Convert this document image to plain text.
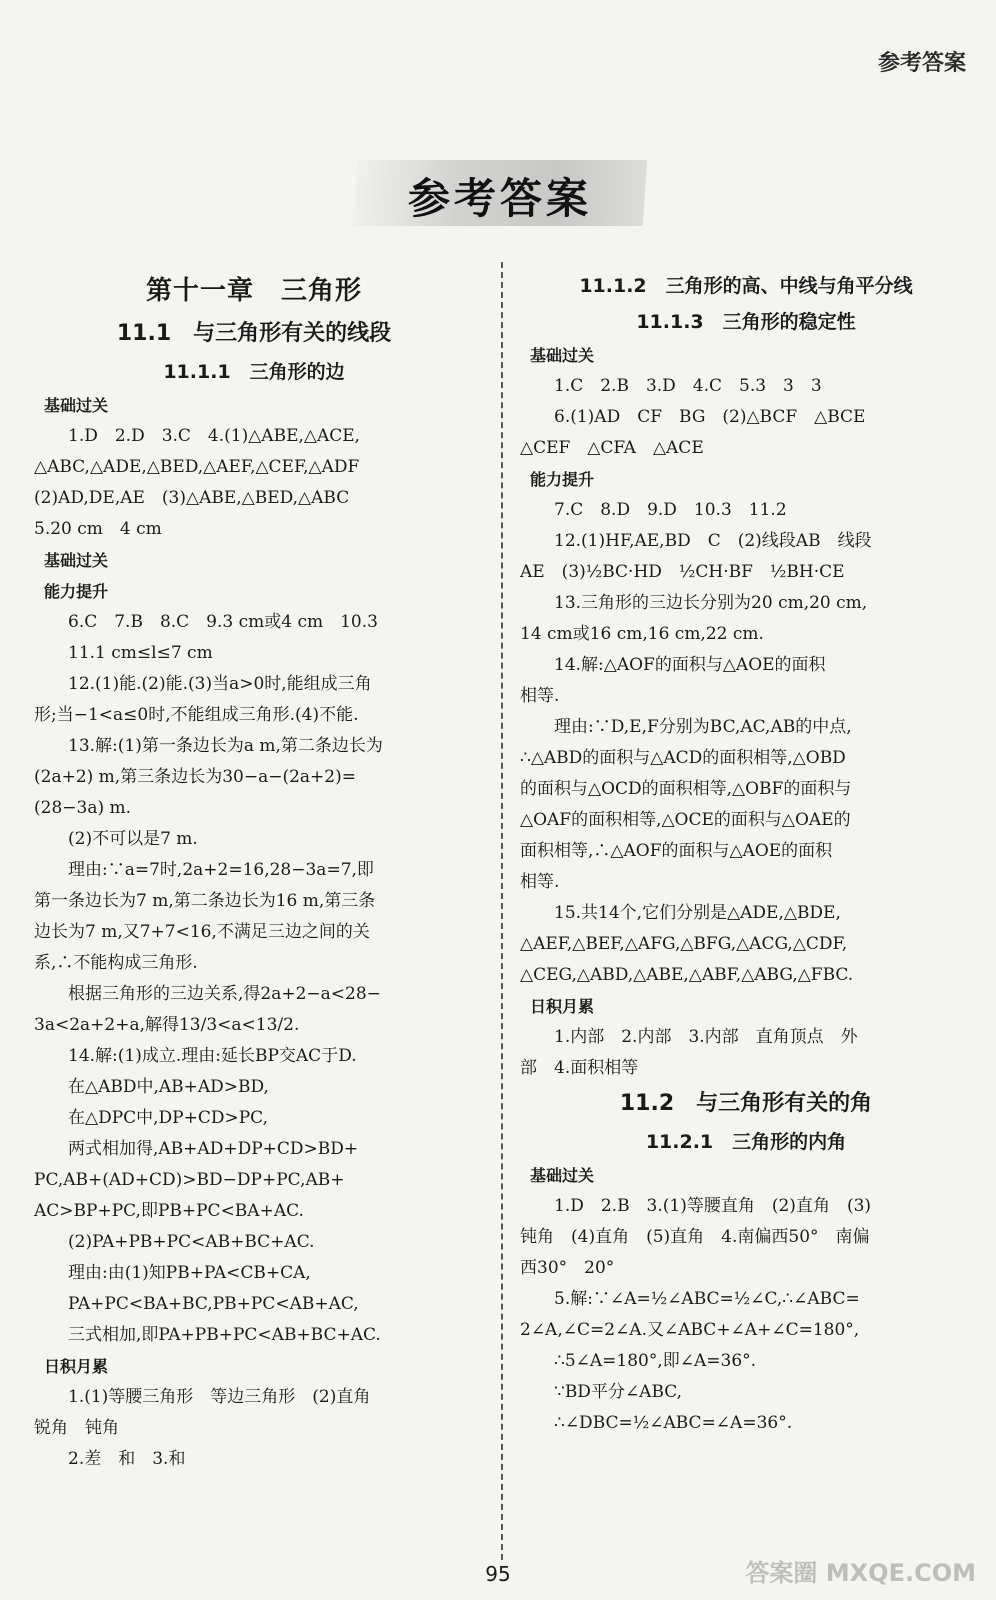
参考答案
参考答案
第十一章　三角形
11.1　与三角形有关的线段
11.1.1　三角形的边
基础过关
1.D　2.D　3.C　4.(1)△ABE,△ACE,
△ABC,△ADE,△BED,△AEF,△CEF,△ADF
(2)AD,DE,AE　(3)△ABE,△BED,△ABC
5.20 cm　4 cm
基础过关
能力提升
6.C　7.B　8.C　9.3 cm或4 cm　10.3
11.1 cm≤l≤7 cm
12.(1)能.(2)能.(3)当a>0时,能组成三角
形;当−1<a≤0时,不能组成三角形.(4)不能.
13.解:(1)第一条边长为a m,第二条边长为
(2a+2) m,第三条边长为30−a−(2a+2)=
(28−3a) m.
(2)不可以是7 m.
理由:∵a=7时,2a+2=16,28−3a=7,即
第一条边长为7 m,第二条边长为16 m,第三条
边长为7 m,又7+7<16,不满足三边之间的关
系,∴不能构成三角形.
根据三角形的三边关系,得2a+2−a<28−
3a<2a+2+a,解得13/3<a<13/2.
14.解:(1)成立.理由:延长BP交AC于D.
在△ABD中,AB+AD>BD,
在△DPC中,DP+CD>PC,
两式相加得,AB+AD+DP+CD>BD+
PC,AB+(AD+CD)>BD−DP+PC,AB+
AC>BP+PC,即PB+PC<BA+AC.
(2)PA+PB+PC<AB+BC+AC.
理由:由(1)知PB+PA<CB+CA,
PA+PC<BA+BC,PB+PC<AB+AC,
三式相加,即PA+PB+PC<AB+BC+AC.
日积月累
1.(1)等腰三角形　等边三角形　(2)直角
锐角　钝角
2.差　和　3.和
11.1.2　三角形的高、中线与角平分线
11.1.3　三角形的稳定性
基础过关
1.C　2.B　3.D　4.C　5.3　3　3
6.(1)AD　CF　BG　(2)△BCF　△BCE
△CEF　△CFA　△ACE
能力提升
7.C　8.D　9.D　10.3　11.2
12.(1)HF,AE,BD　C　(2)线段AB　线段
AE　(3)½BC·HD　½CH·BF　½BH·CE
13.三角形的三边长分别为20 cm,20 cm,
14 cm或16 cm,16 cm,22 cm.
14.解:△AOF的面积与△AOE的面积
相等.
理由:∵D,E,F分别为BC,AC,AB的中点,
∴△ABD的面积与△ACD的面积相等,△OBD
的面积与△OCD的面积相等,△OBF的面积与
△OAF的面积相等,△OCE的面积与△OAE的
面积相等,∴△AOF的面积与△AOE的面积
相等.
15.共14个,它们分别是△ADE,△BDE,
△AEF,△BEF,△AFG,△BFG,△ACG,△CDF,
△CEG,△ABD,△ABE,△ABF,△ABG,△FBC.
日积月累
1.内部　2.内部　3.内部　直角顶点　外
部　4.面积相等
11.2　与三角形有关的角
11.2.1　三角形的内角
基础过关
1.D　2.B　3.(1)等腰直角　(2)直角　(3)
钝角　(4)直角　(5)直角　4.南偏西50°　南偏
西30°　20°
5.解:∵∠A=½∠ABC=½∠C,∴∠ABC=
2∠A,∠C=2∠A.又∠ABC+∠A+∠C=180°,
∴5∠A=180°,即∠A=36°.
∵BD平分∠ABC,
∴∠DBC=½∠ABC=∠A=36°.
95	答案圈 MXQE.COM
